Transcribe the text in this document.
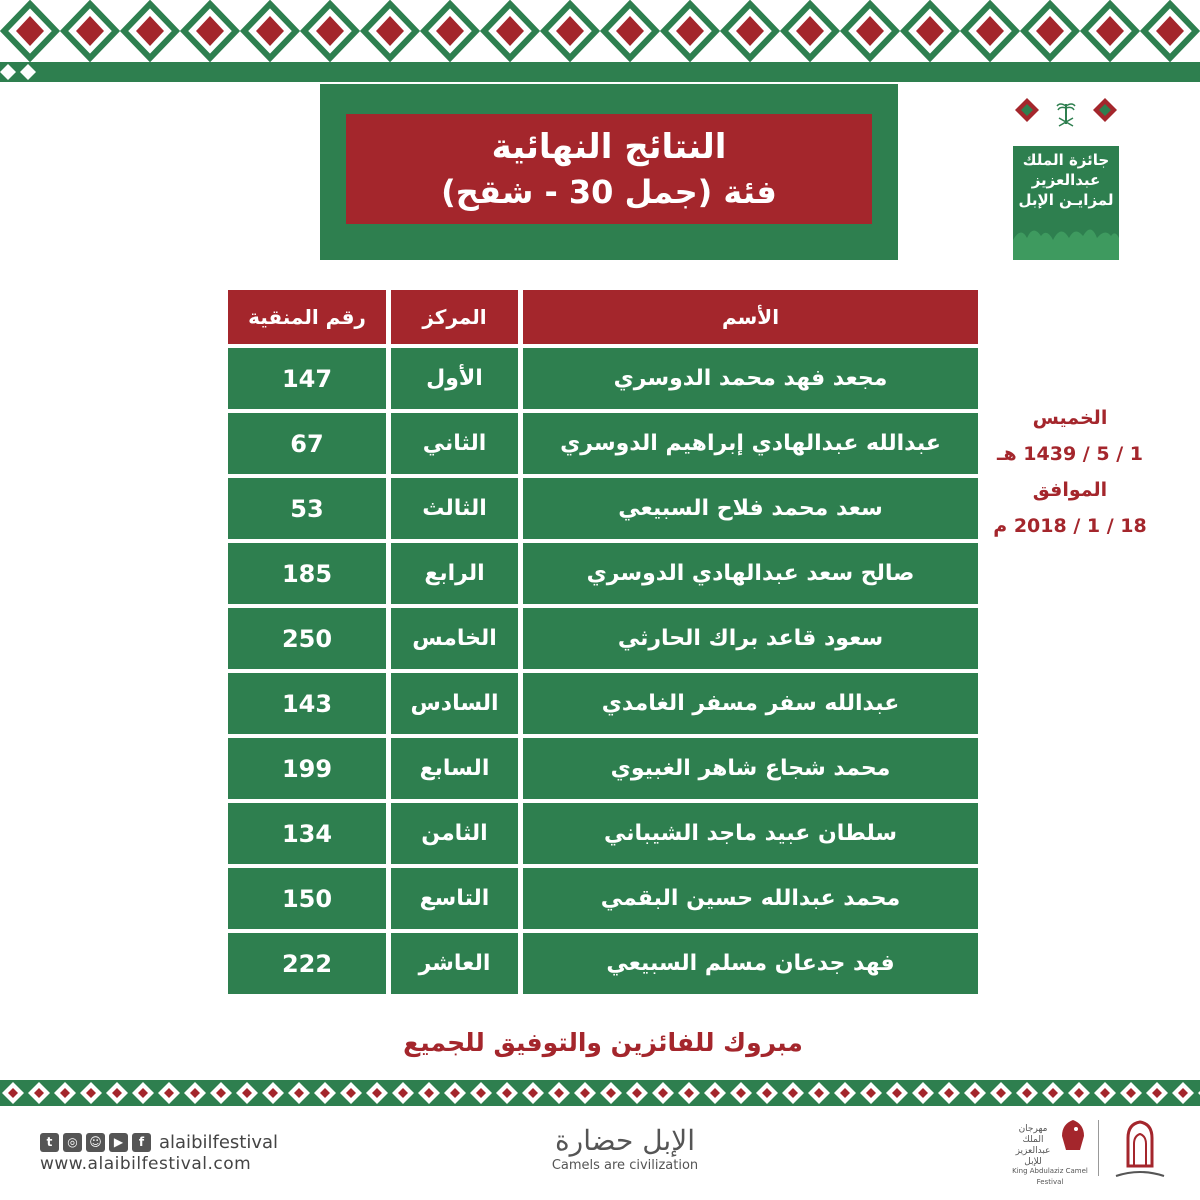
النتائج النهائية
فئة (جمل 30 - شقح)
جائزة الملك
عبدالعزيز
لمزايـن الإبل
رقم المنقية	المركز	الأسم
147	الأول	مجعد فهد محمد الدوسري
67	الثاني	عبدالله عبدالهادي إبراهيم الدوسري
53	الثالث	سعد محمد فلاح السبيعي
185	الرابع	صالح سعد عبدالهادي الدوسري
250	الخامس	سعود قاعد براك الحارثي
143	السادس	عبدالله سفر مسفر الغامدي
199	السابع	محمد شجاع شاهر الغبيوي
134	الثامن	سلطان عبيد ماجد الشيباني
150	التاسع	محمد عبدالله حسين البقمي
222	العاشر	فهد جدعان مسلم السبيعي
الخميس
1 / 5 / 1439 هـ
الموافق
18 / 1 / 2018 م
مبروك للفائزين والتوفيق للجميع
t	◎ ☺	▶	f alaibilfestival
www.alaibilfestival.com
الإبل حضارة
Camels are civilization
مهرجان الملك عبدالعزيز للإبل
King Abdulaziz Camel Festival
